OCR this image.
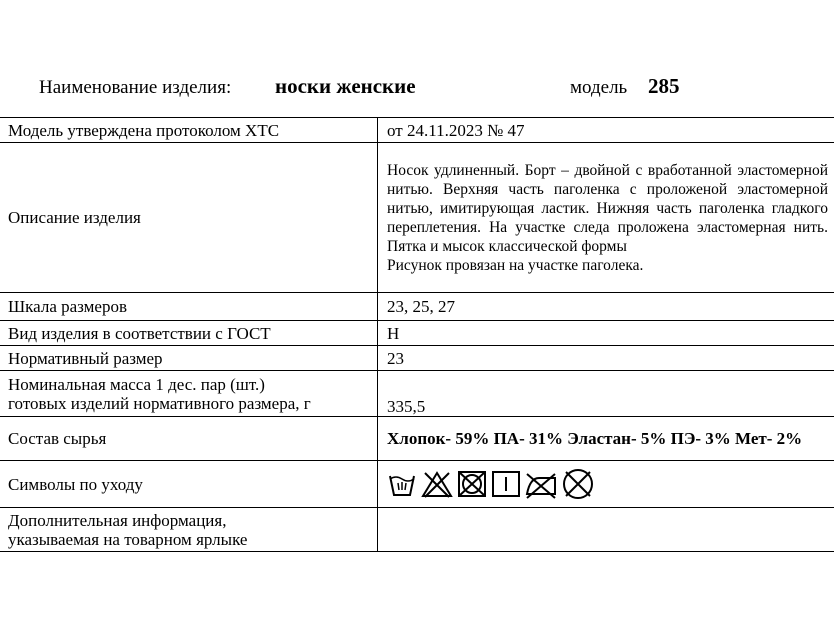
Наименование изделия: носки женские	модель 285
Модель утверждена протоколом ХТС	от 24.11.2023 № 47
Описание изделия	Носок удлиненный. Борт – двойной с вработанной эластомерной нитью. Верхняя часть паголенка с проложеной эластомерной нитью, имитирующая ластик. Нижняя часть паголенка гладкого переплетения. На участке следа проложена эластомерная нить. Пятка и мысок классической формы
Рисунок провязан на участке паголека.

Шкала размеров	23, 25, 27
Вид изделия в соответствии с ГОСТ	Н
Нормативный размер	23

Номинальная масса 1 дес. пар (шт.)
готовых изделий нормативного размера, г	335,5
Состав сырья	Хлопок- 59% ПА- 31% Эластан- 5% ПЭ- 3% Мет- 2%
Символы по уходу	

Дополнительная информация,
указываемая на товарном ярлыке	
